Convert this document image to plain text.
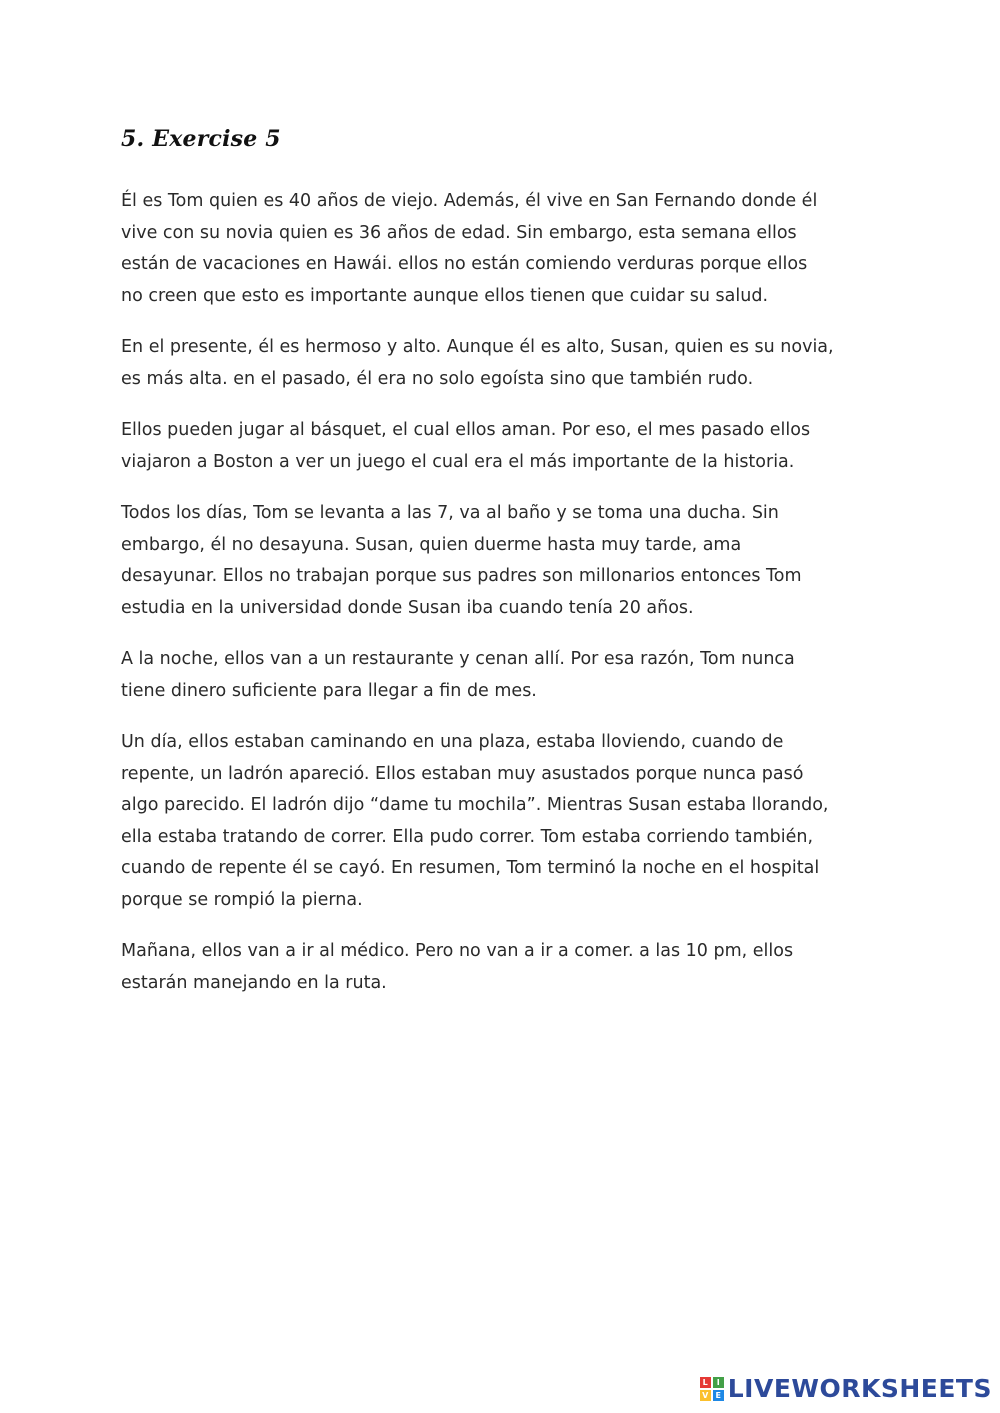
5. Exercise 5

Él es Tom quien es 40 años de viejo. Además, él vive en San Fernando donde él
vive con su novia quien es 36 años de edad. Sin embargo, esta semana ellos
están de vacaciones en Hawái. ellos no están comiendo verduras porque ellos
no creen que esto es importante aunque ellos tienen que cuidar su salud.

En el presente, él es hermoso y alto. Aunque él es alto, Susan, quien es su novia,
es más alta. en el pasado, él era no solo egoísta sino que también rudo.

Ellos pueden jugar al básquet, el cual ellos aman. Por eso, el mes pasado ellos
viajaron a Boston a ver un juego el cual era el más importante de la historia.

Todos los días, Tom se levanta a las 7, va al baño y se toma una ducha. Sin
embargo, él no desayuna. Susan, quien duerme hasta muy tarde, ama
desayunar. Ellos no trabajan porque sus padres son millonarios entonces Tom
estudia en la universidad donde Susan iba cuando tenía 20 años.

A la noche, ellos van a un restaurante y cenan allí. Por esa razón, Tom nunca
tiene dinero suficiente para llegar a fin de mes.

Un día, ellos estaban caminando en una plaza, estaba lloviendo, cuando de
repente, un ladrón apareció. Ellos estaban muy asustados porque nunca pasó
algo parecido. El ladrón dijo “dame tu mochila”. Mientras Susan estaba llorando,
ella estaba tratando de correr. Ella pudo correr. Tom estaba corriendo también,
cuando de repente él se cayó. En resumen, Tom terminó la noche en el hospital
porque se rompió la pierna.

Mañana, ellos van a ir al médico. Pero no van a ir a comer. a las 10 pm, ellos
estarán manejando en la ruta.

L	I
V E LIVEWORKSHEETS
